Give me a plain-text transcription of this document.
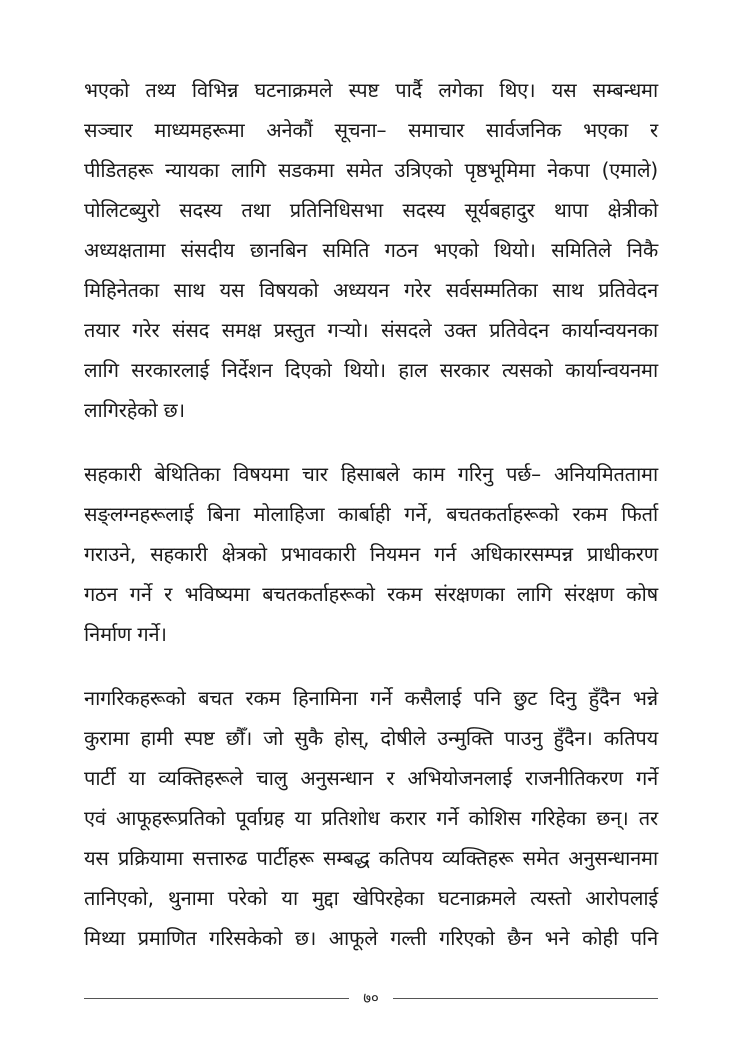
भएको तथ्य विभिन्न घटनाक्रमले स्पष्ट पार्दै लगेका थिए। यस सम्बन्धमा
सञ्चार माध्यमहरूमा अनेकौं सूचना– समाचार सार्वजनिक भएका र
पीडितहरू न्यायका लागि सडकमा समेत उत्रिएको पृष्ठभूमिमा नेकपा (एमाले)
पोलिटब्युरो सदस्य तथा प्रतिनिधिसभा सदस्य सूर्यबहादुर थापा क्षेत्रीको
अध्यक्षतामा संसदीय छानबिन समिति गठन भएको थियो। समितिले निकै
मिहिनेतका साथ यस विषयको अध्ययन गरेर सर्वसम्मतिका साथ प्रतिवेदन
तयार गरेर संसद समक्ष प्रस्तुत गर्‍यो। संसदले उक्त प्रतिवेदन कार्यान्वयनका
लागि सरकारलाई निर्देशन दिएको थियो। हाल सरकार त्यसको कार्यान्वयनमा
लागिरहेको छ।
सहकारी बेथितिका विषयमा चार हिसाबले काम गरिनु पर्छ– अनियमिततामा
सङ्लग्नहरूलाई बिना मोलाहिजा कार्बाही गर्ने, बचतकर्ताहरूको रकम फिर्ता
गराउने, सहकारी क्षेत्रको प्रभावकारी नियमन गर्न अधिकारसम्पन्न प्राधीकरण
गठन गर्ने र भविष्यमा बचतकर्ताहरूको रकम संरक्षणका लागि संरक्षण कोष
निर्माण गर्ने।
नागरिकहरूको बचत रकम हिनामिना गर्ने कसैलाई पनि छुट दिनु हुँदैन भन्ने
कुरामा हामी स्पष्ट छौँ। जो सुकै होस्, दोषीले उन्मुक्ति पाउनु हुँदैन। कतिपय
पार्टी या व्यक्तिहरूले चालु अनुसन्धान र अभियोजनलाई राजनीतिकरण गर्ने
एवं आफूहरूप्रतिको पूर्वाग्रह या प्रतिशोध करार गर्ने कोशिस गरिहेका छन्। तर
यस प्रक्रियामा सत्तारुढ पार्टीहरू सम्बद्ध कतिपय व्यक्तिहरू समेत अनुसन्धानमा
तानिएको, थुनामा परेको या मुद्दा खेपिरहेका घटनाक्रमले त्यस्तो आरोपलाई
मिथ्या प्रमाणित गरिसकेको छ। आफूले गल्ती गरिएको छैन भने कोही पनि
७०
